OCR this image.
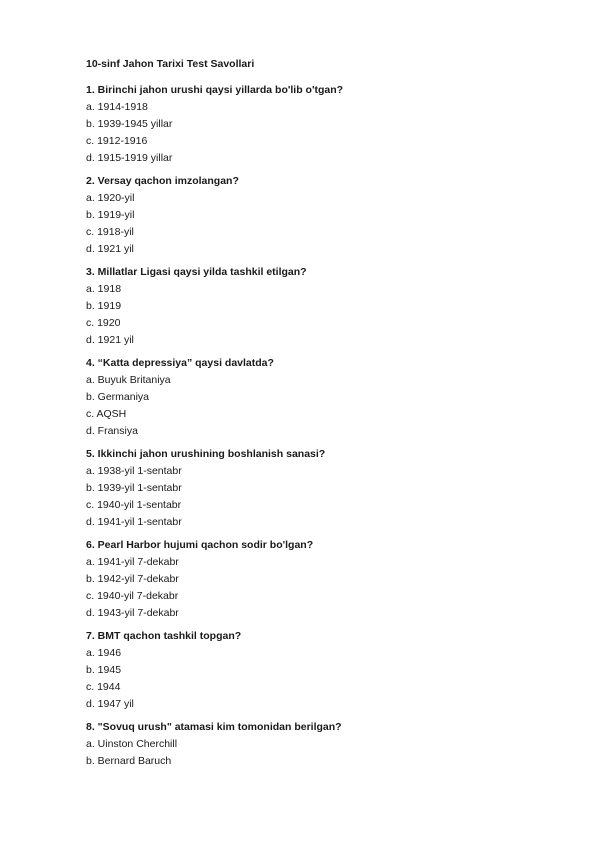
10-sinf Jahon Tarixi Test Savollari
1. Birinchi jahon urushi qaysi yillarda bo'lib o'tgan?
a. 1914-1918
b. 1939-1945 yillar
c. 1912-1916
d. 1915-1919 yillar
2. Versay qachon imzolangan?
a. 1920-yil
b. 1919-yil
c. 1918-yil
d. 1921 yil
3. Millatlar Ligasi qaysi yilda tashkil etilgan?
a. 1918
b. 1919
c. 1920
d. 1921 yil
4. “Katta depressiya” qaysi davlatda?
a. Buyuk Britaniya
b. Germaniya
c. AQSH
d. Fransiya
5. Ikkinchi jahon urushining boshlanish sanasi?
a. 1938-yil 1-sentabr
b. 1939-yil 1-sentabr
c. 1940-yil 1-sentabr
d. 1941-yil 1-sentabr
6. Pearl Harbor hujumi qachon sodir bo'lgan?
a. 1941-yil 7-dekabr
b. 1942-yil 7-dekabr
c. 1940-yil 7-dekabr
d. 1943-yil 7-dekabr
7. BMT qachon tashkil topgan?
a. 1946
b. 1945
c. 1944
d. 1947 yil
8. "Sovuq urush" atamasi kim tomonidan berilgan?
a. Uinston Cherchill
b. Bernard Baruch
